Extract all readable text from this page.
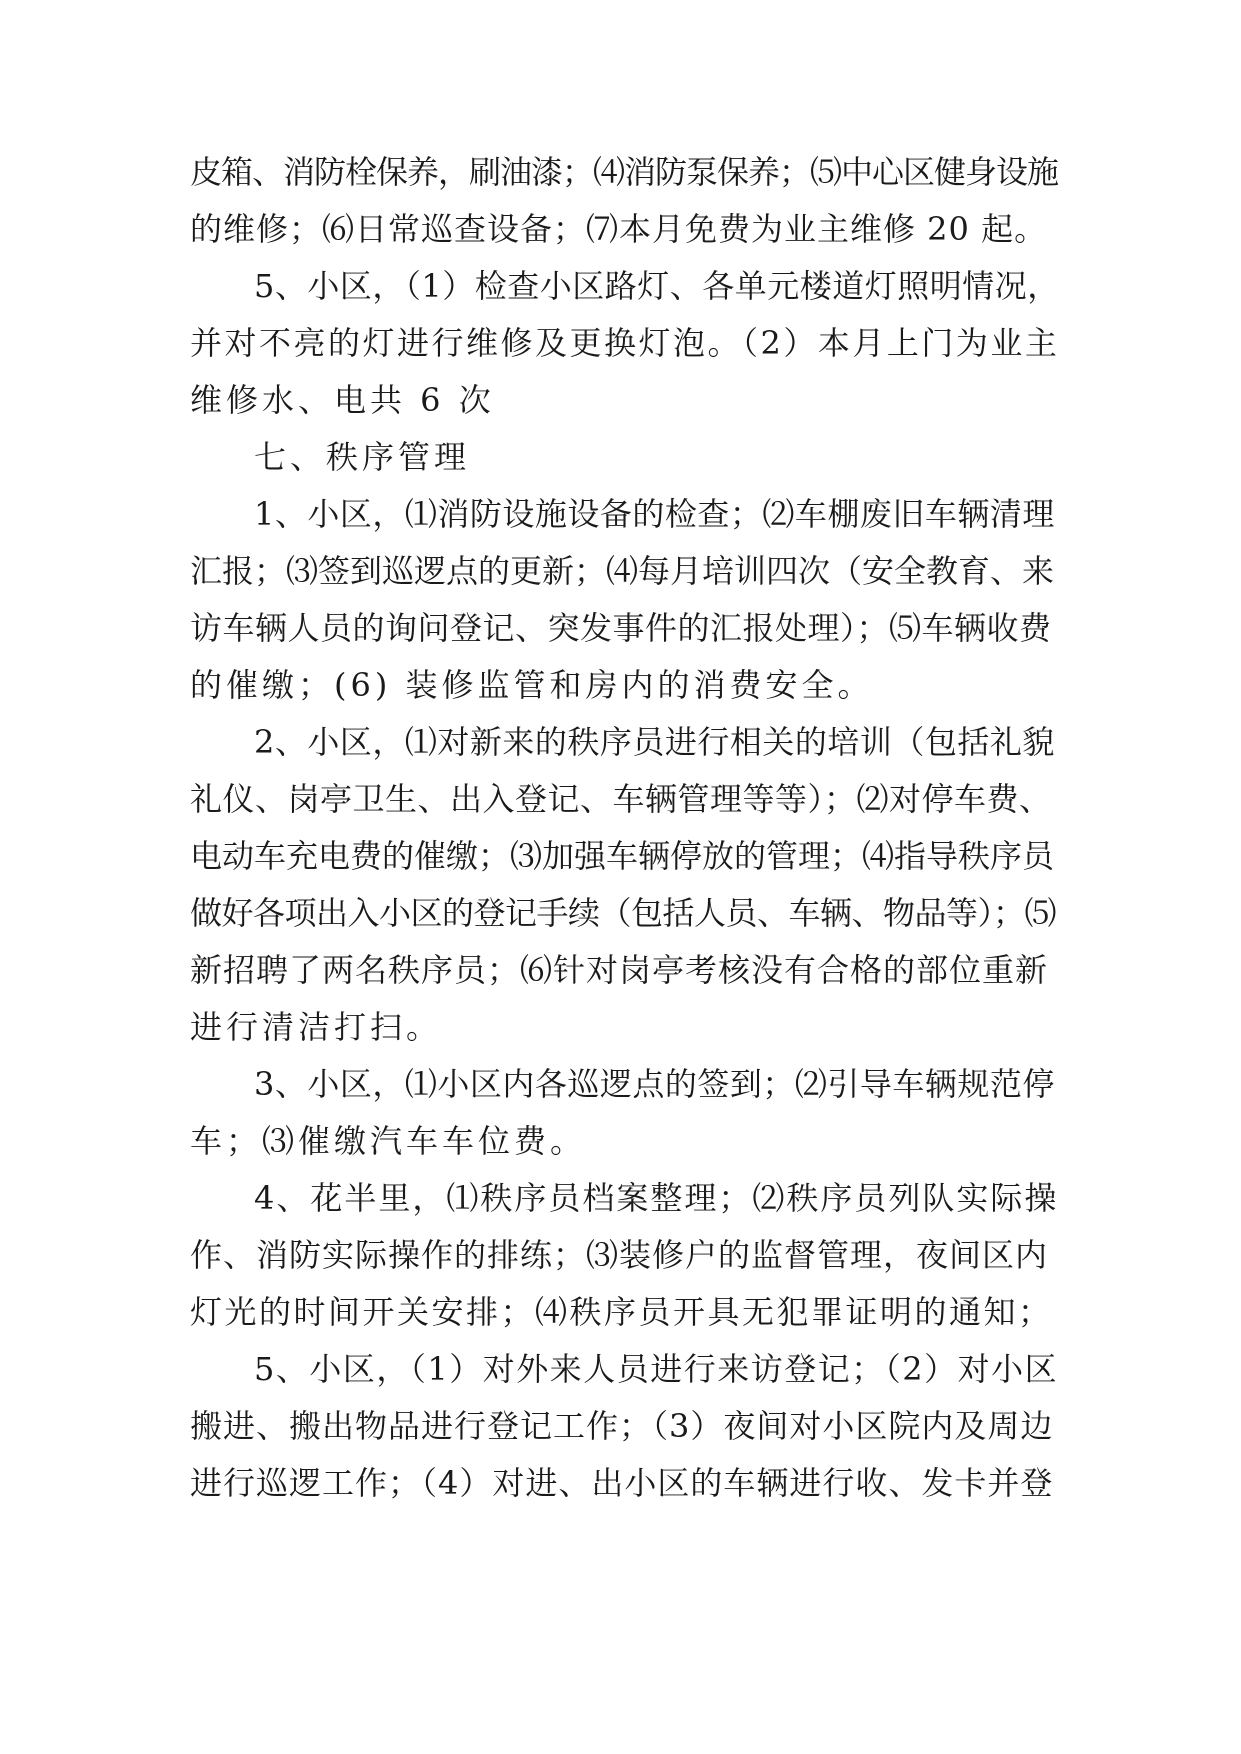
皮箱、消防栓保养，刷油漆；⑷消防泵保养；⑸中心区健身设施
的维修；⑹日常巡查设备；⑺本月免费为业主维修 20 起。
5、小区，（1）检查小区路灯、各单元楼道灯照明情况，
并对不亮的灯进行维修及更换灯泡。（2）本月上门为业主
维修水、电共 6 次
七、秩序管理
1、小区，⑴消防设施设备的检查；⑵车棚废旧车辆清理
汇报；⑶签到巡逻点的更新；⑷每月培训四次（安全教育、来
访车辆人员的询问登记、突发事件的汇报处理）；⑸车辆收费
的催缴；(6) 装修监管和房内的消费安全。
2、小区，⑴对新来的秩序员进行相关的培训（包括礼貌
礼仪、岗亭卫生、出入登记、车辆管理等等）；⑵对停车费、
电动车充电费的催缴；⑶加强车辆停放的管理；⑷指导秩序员
做好各项出入小区的登记手续（包括人员、车辆、物品等）；⑸
新招聘了两名秩序员；⑹针对岗亭考核没有合格的部位重新
进行清洁打扫。
3、小区，⑴小区内各巡逻点的签到；⑵引导车辆规范停
车；⑶催缴汽车车位费。
4、花半里，⑴秩序员档案整理；⑵秩序员列队实际操
作、消防实际操作的排练；⑶装修户的监督管理，夜间区内
灯光的时间开关安排；⑷秩序员开具无犯罪证明的通知；
5、小区，（1）对外来人员进行来访登记；（2）对小区
搬进、搬出物品进行登记工作；（3）夜间对小区院内及周边
进行巡逻工作；（4）对进、出小区的车辆进行收、发卡并登
